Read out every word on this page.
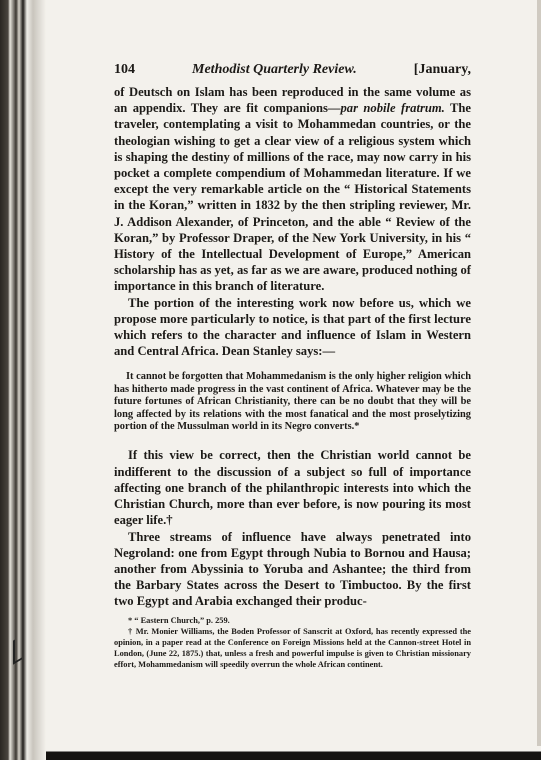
104	Methodist Quarterly Review.	[January,

of Deutsch on Islam has been reproduced in the same volume as an appendix. They are fit companions—par nobile fratrum. The traveler, contemplating a visit to Mohammedan countries, or the theologian wishing to get a clear view of a religious system which is shaping the destiny of millions of the race, may now carry in his pocket a complete compendium of Mohammedan literature. If we except the very remarkable article on the “ Historical Statements in the Koran,” written in 1832 by the then stripling reviewer, Mr. J. Addison Alexander, of Princeton, and the able “ Review of the Koran,” by Professor Draper, of the New York University, in his “ History of the Intellectual Development of Europe,” American scholarship has as yet, as far as we are aware, produced nothing of importance in this branch of literature.

The portion of the interesting work now before us, which we propose more particularly to notice, is that part of the first lecture which refers to the character and influence of Islam in Western and Central Africa. Dean Stanley says:—

It cannot be forgotten that Mohammedanism is the only higher religion which has hitherto made progress in the vast continent of Africa. Whatever may be the future fortunes of African Christianity, there can be no doubt that they will be long affected by its relations with the most fanatical and the most proselytizing portion of the Mussulman world in its Negro converts.*

If this view be correct, then the Christian world cannot be indifferent to the discussion of a subject so full of importance affecting one branch of the philanthropic interests into which the Christian Church, more than ever before, is now pouring its most eager life.†

Three streams of influence have always penetrated into Negroland: one from Egypt through Nubia to Bornou and Hausa; another from Abyssinia to Yoruba and Ashantee; the third from the Barbary States across the Desert to Timbuctoo. By the first two Egypt and Arabia exchanged their produc-

* “ Eastern Church,” p. 259.

† Mr. Monier Williams, the Boden Professor of Sanscrit at Oxford, has recently expressed the opinion, in a paper read at the Conference on Foreign Missions held at the Cannon-street Hotel in London, (June 22, 1875.) that, unless a fresh and powerful impulse is given to Christian missionary effort, Mohammedanism will speedily overrun the whole African continent.
